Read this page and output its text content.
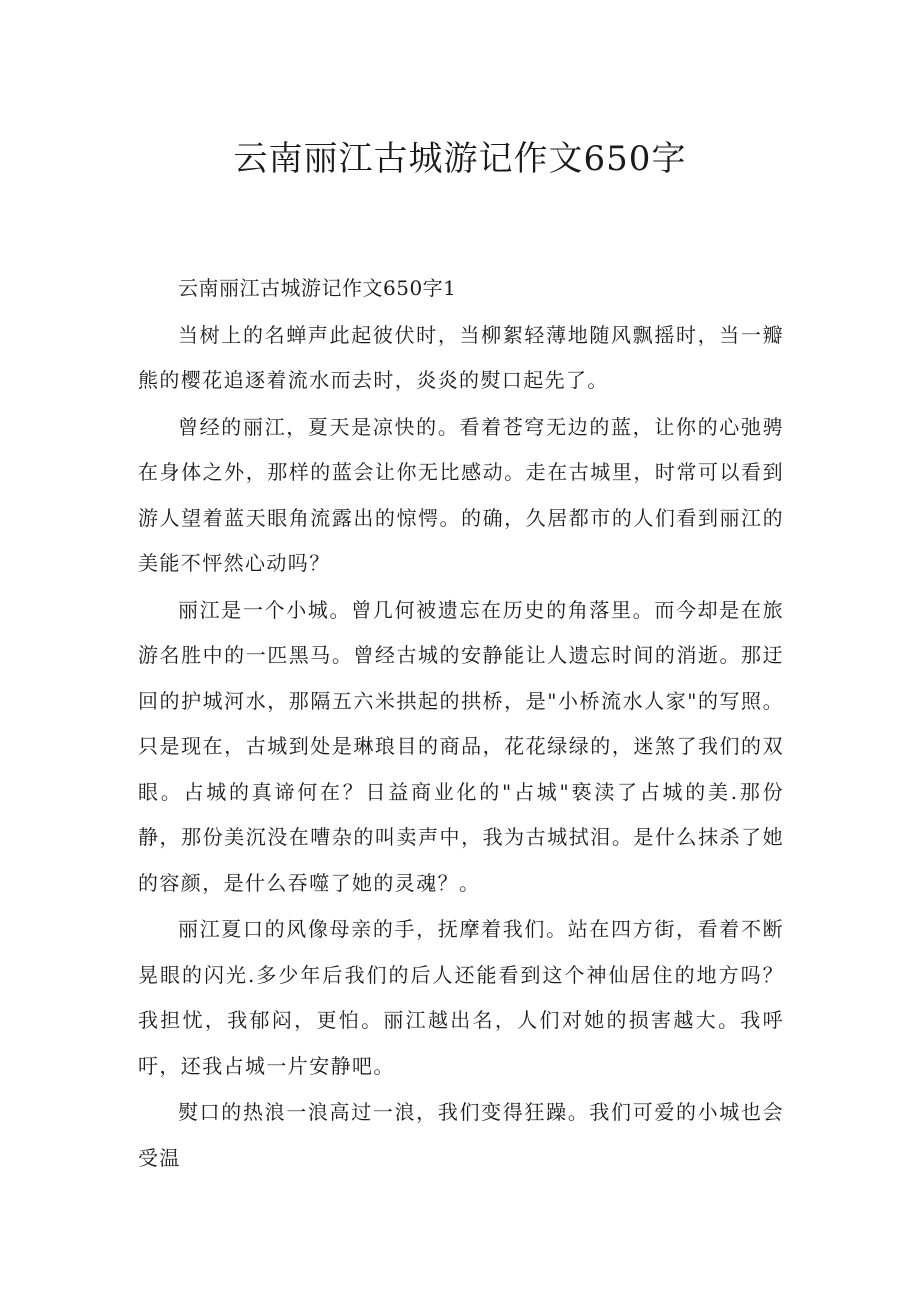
云南丽江古城游记作文650字

云南丽江古城游记作文650字1

当树上的名蝉声此起彼伏时，当柳絮轻薄地随风飘摇时，当一瓣熊的樱花追逐着流水而去时，炎炎的熨口起先了。

曾经的丽江，夏天是凉快的。看着苍穹无边的蓝，让你的心弛骋在身体之外，那样的蓝会让你无比感动。走在古城里，时常可以看到游人望着蓝天眼角流露出的惊愕。的确，久居都市的人们看到丽江的美能不怦然心动吗？

丽江是一个小城。曾几何被遗忘在历史的角落里。而今却是在旅游名胜中的一匹黑马。曾经古城的安静能让人遗忘时间的消逝。那迂回的护城河水，那隔五六米拱起的拱桥，是"小桥流水人家"的写照。只是现在，古城到处是琳琅目的商品，花花绿绿的，迷煞了我们的双眼。占城的真谛何在？日益商业化的"占城"亵渎了占城的美.那份静，那份美沉没在嘈杂的叫卖声中，我为古城拭泪。是什么抹杀了她的容颜，是什么吞噬了她的灵魂？。

丽江夏口的风像母亲的手，抚摩着我们。站在四方街，看着不断晃眼的闪光.多少年后我们的后人还能看到这个神仙居住的地方吗？我担忧，我郁闷，更怕。丽江越出名，人们对她的损害越大。我呼吁，还我占城一片安静吧。

熨口的热浪一浪高过一浪，我们变得狂躁。我们可爱的小城也会受温
